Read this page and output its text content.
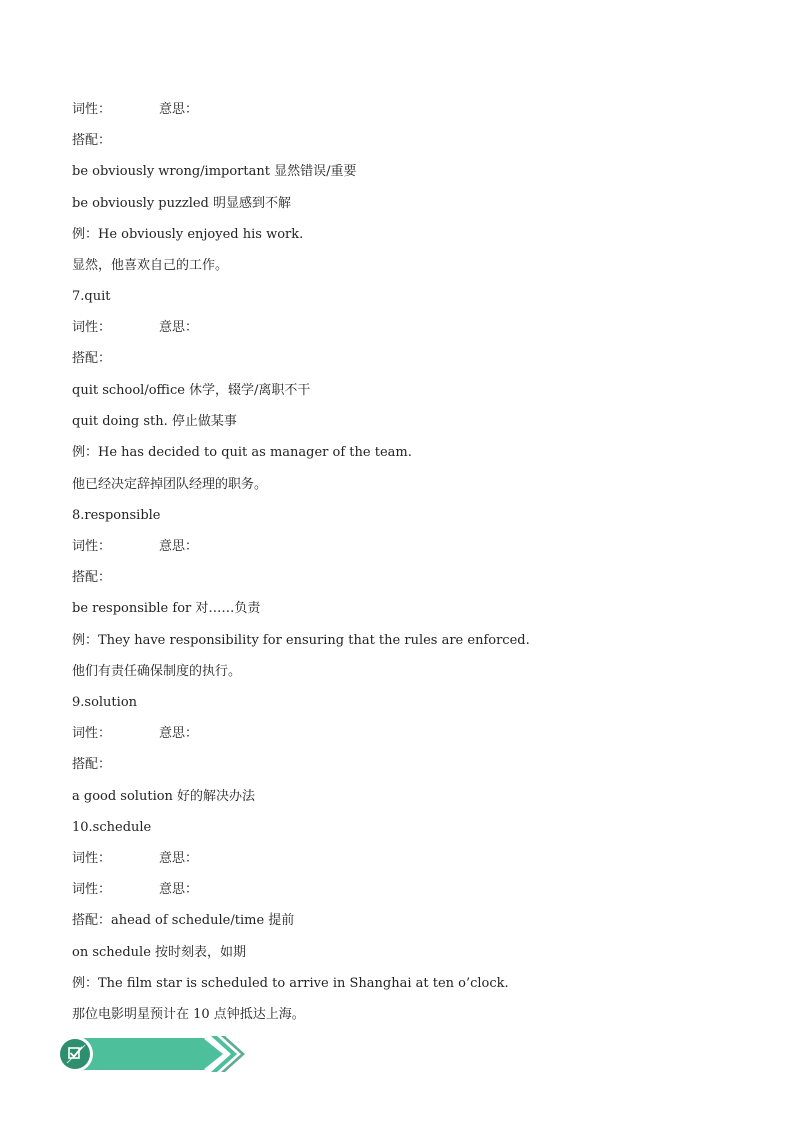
词性：	意思：
搭配：
be obviously wrong/important 显然错误/重要
be obviously puzzled 明显感到不解
例：He obviously enjoyed his work.
显然，他喜欢自己的工作。
7.quit
词性：	意思：
搭配：
quit school/office 休学，辍学/离职不干
quit doing sth. 停止做某事
例：He has decided to quit as manager of the team.
他已经决定辞掉团队经理的职务。
8.responsible
词性：	意思：
搭配：
be responsible for 对……负责
例：They have responsibility for ensuring that the rules are enforced.
他们有责任确保制度的执行。
9.solution
词性：	意思：
搭配：
a good solution 好的解决办法
10.schedule
词性：	意思：
词性：	意思：
搭配：ahead of schedule/time 提前
on schedule 按时刻表，如期
例：The film star is scheduled to arrive in Shanghai at ten o’clock.
那位电影明星预计在 10 点钟抵达上海。
